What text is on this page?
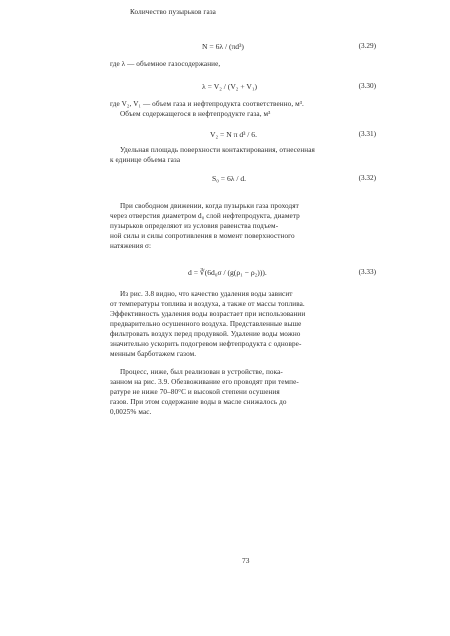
Количество пузырьков газа
N = 6λ / (πd³)	(3.29)
где λ — объемное газосодержание,
λ = V₂ / (V₂ + V₁)	(3.30)
где V₂, V₁ — объем газа и нефтепродукта соответственно, м³.
Объем содержащегося в нефтепродукте газа, м³
V₂ = N π d³ / 6.	(3.31)
Удельная площадь поверхности контактирования, отнесенная
к единице объема газа
S₀ = 6λ / d.	(3.32)
При свободном движении, когда пузырьки газа проходят
через отверстия диаметром d₀ слой нефтепродукта, диаметр
пузырьков определяют из условия равенства подъем-
ной силы и силы сопротивления в момент поверхностного
натяжения σ:
d = ∛(6d₀σ / (g(ρ₁ − ρ₂))).	(3.33)
Из рис. 3.8 видно, что качество удаления воды зависит
от температуры топлива и воздуха, а также от массы топлива.
Эффективность удаления воды возрастает при использовании
предварительно осушенного воздуха. Представленные выше
фильтровать воздух перед продувкой. Удаление воды можно
значительно ускорить подогревом нефтепродукта с одновре-
менным барботажем газом.
Процесс, ниже, был реализован в устройстве, пока-
занном на рис. 3.9. Обезвоживание его проводят при темпе-
ратуре не ниже 70–80°С и высокой степени осушения
газов. При этом содержание воды в масле снижалось до
0,0025% мас.
73
